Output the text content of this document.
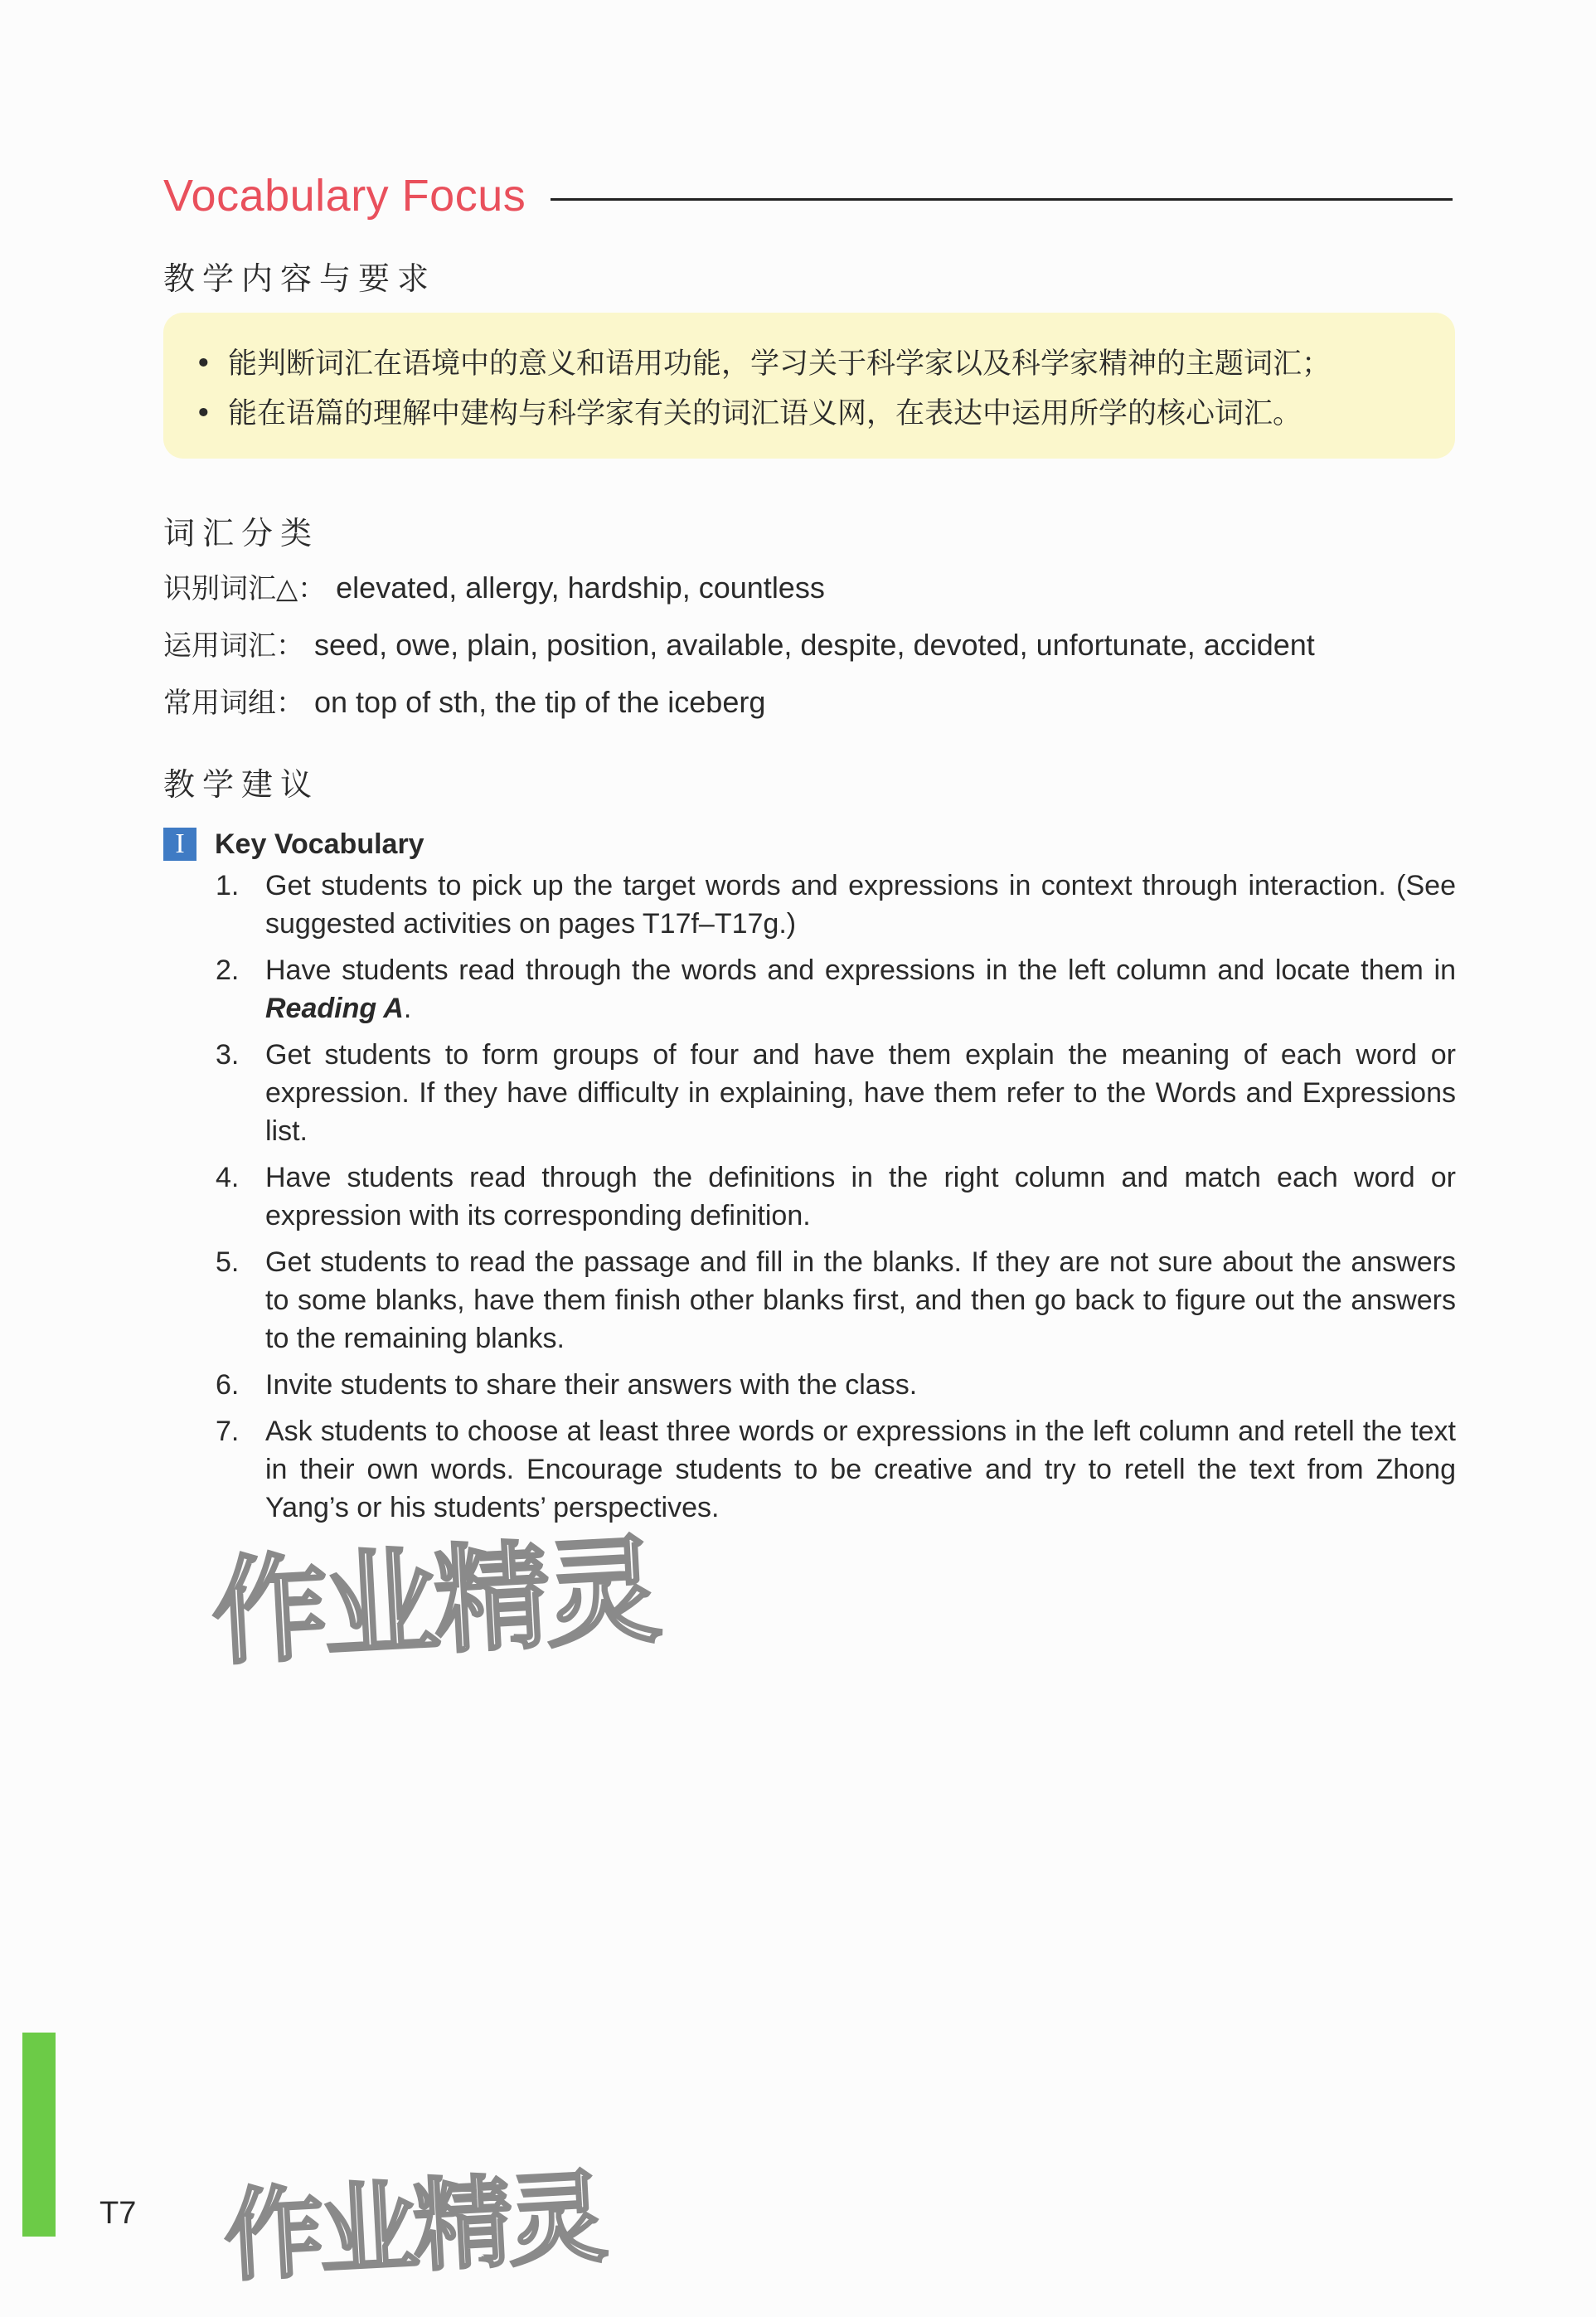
Vocabulary Focus
教学内容与要求
• 能判断词汇在语境中的意义和语用功能，学习关于科学家以及科学家精神的主题词汇；
• 能在语篇的理解中建构与科学家有关的词汇语义网，在表达中运用所学的核心词汇。
词汇分类
识别词汇△： elevated, allergy, hardship, countless
运用词汇： seed, owe, plain, position, available, despite, devoted, unfortunate, accident
常用词组： on top of sth, the tip of the iceberg
教学建议
I	Key Vocabulary
1. Get students to pick up the target words and expressions in context through interaction. (See suggested activities on pages T17f–T17g.)
2. Have students read through the words and expressions in the left column and locate them in Reading A.
3. Get students to form groups of four and have them explain the meaning of each word or expression. If they have difficulty in explaining, have them refer to the Words and Expressions list.
4. Have students read through the definitions in the right column and match each word or expression with its corresponding definition.
5. Get students to read the passage and fill in the blanks. If they are not sure about the answers to some blanks, have them finish other blanks first, and then go back to figure out the answers to the remaining blanks.
6. Invite students to share their answers with the class.
7. Ask students to choose at least three words or expressions in the left column and retell the text in their own words. Encourage students to be creative and try to retell the text from Zhong Yang’s or his students’ perspectives.
作业精灵
T7 作业精灵
